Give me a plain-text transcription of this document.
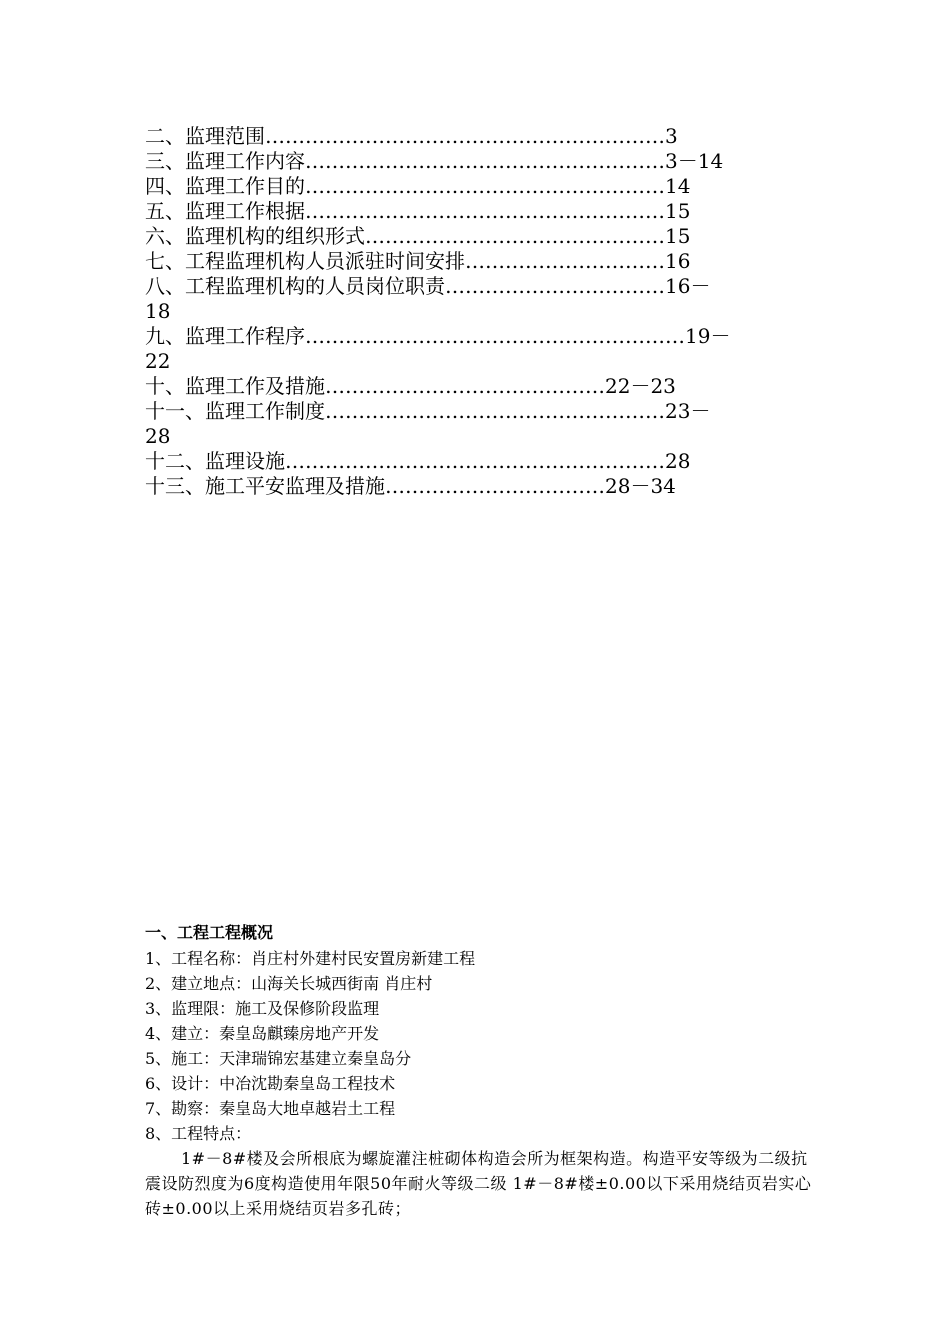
二、监理范围……………………………………………………3

三、监理工作内容………………………………………………3－14

四、监理工作目的………………………………………………14

五、监理工作根据………………………………………………15

六、监理机构的组织形式………………………………………15

七、工程监理机构人员派驻时间安排…………………………16

八、工程监理机构的人员岗位职责……………………………16－

18

九、监理工作程序…………………………………………………19－

22

十、监理工作及措施……………………………………22－23

十一、监理工作制度……………………………………………23－

28

十二、监理设施…………………………………………………28

十三、施工平安监理及措施……………………………28－34

一、工程工程概况

1、工程名称：肖庄村外建村民安置房新建工程

2、建立地点：山海关长城西街南 肖庄村

3、监理限：施工及保修阶段监理

4、建立：秦皇岛麒臻房地产开发

5、施工：天津瑞锦宏基建立秦皇岛分

6、设计：中冶沈勘秦皇岛工程技术

7、勘察：秦皇岛大地卓越岩土工程

8、工程特点：

1#－8#楼及会所根底为螺旋灌注桩砌体构造会所为框架构造。构造平安等级为二级抗震设防烈度为6度构造使用年限50年耐火等级二级 1#－8#楼±0.00以下采用烧结页岩实心砖±0.00以上采用烧结页岩多孔砖；
